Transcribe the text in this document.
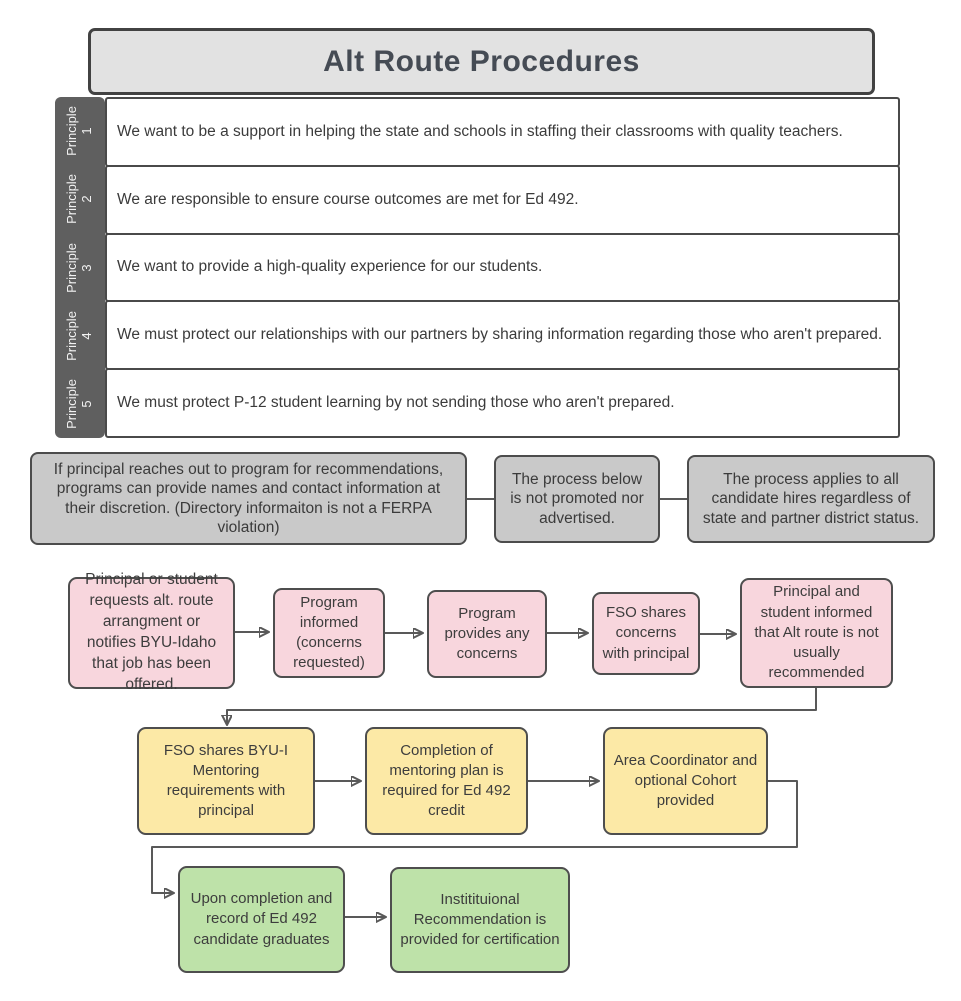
Alt Route Procedures
Principle 1
Principle 2
Principle 3
Principle 4
Principle 5
We want to be a support in helping the state and schools in staffing their classrooms with quality teachers.
We are responsible to ensure course outcomes are met for Ed 492.
We want to provide a high-quality experience for our students.
We must protect our relationships with our partners by sharing information regarding those who aren't prepared.
We must protect P-12 student learning by not sending those who aren't prepared.
If principal reaches out to program for recommendations, programs can provide names and contact information at their discretion. (Directory informaiton is not a FERPA violation)
The process below is not promoted nor advertised.
The process applies to all candidate hires regardless of state and partner district status.
Principal or student requests alt. route arrangment or notifies BYU-Idaho that job has been offered.
Program informed (concerns requested)
Program provides any concerns
FSO shares concerns with principal
Principal and student informed that Alt route is not usually recommended
FSO shares BYU-I Mentoring requirements with principal
Completion of mentoring plan is required for Ed 492 credit
Area Coordinator and optional Cohort provided
Upon completion and record of Ed 492 candidate graduates
Institituional Recommendation is provided for certification
